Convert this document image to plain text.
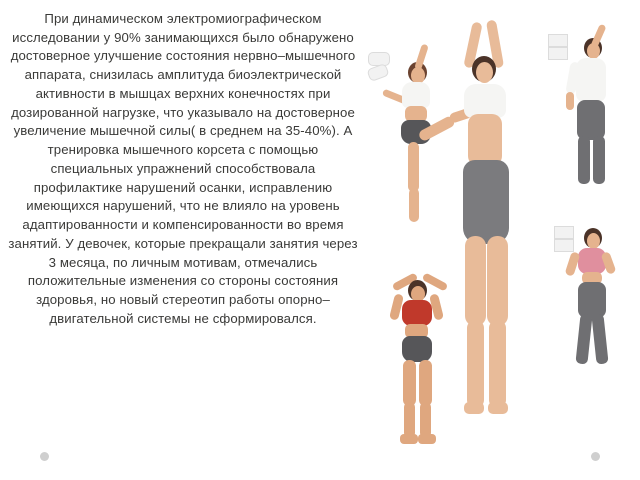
При динамическом электромиографическом исследовании у 90% занимающихся было обнаружено достоверное улучшение состояния нервно–мышечного аппарата, снизилась амплитуда биоэлектрической активности в мышцах верхних конечностях при дозированной нагрузке, что указывало на достоверное увеличение мышечной силы( в среднем на 35-40%). А тренировка мышечного корсета с помощью специальных упражнений способствовала профилактике нарушений осанки, исправлению имеющихся нарушений, что не влияло на уровень адаптированности и компенсированности во время занятий. У девочек, которые прекращали занятия через 3 месяца, по личным мотивам, отмечались положительные изменения со стороны состояния здоровья, но новый стереотип работы опорно–двигательной системы не сформировался.
